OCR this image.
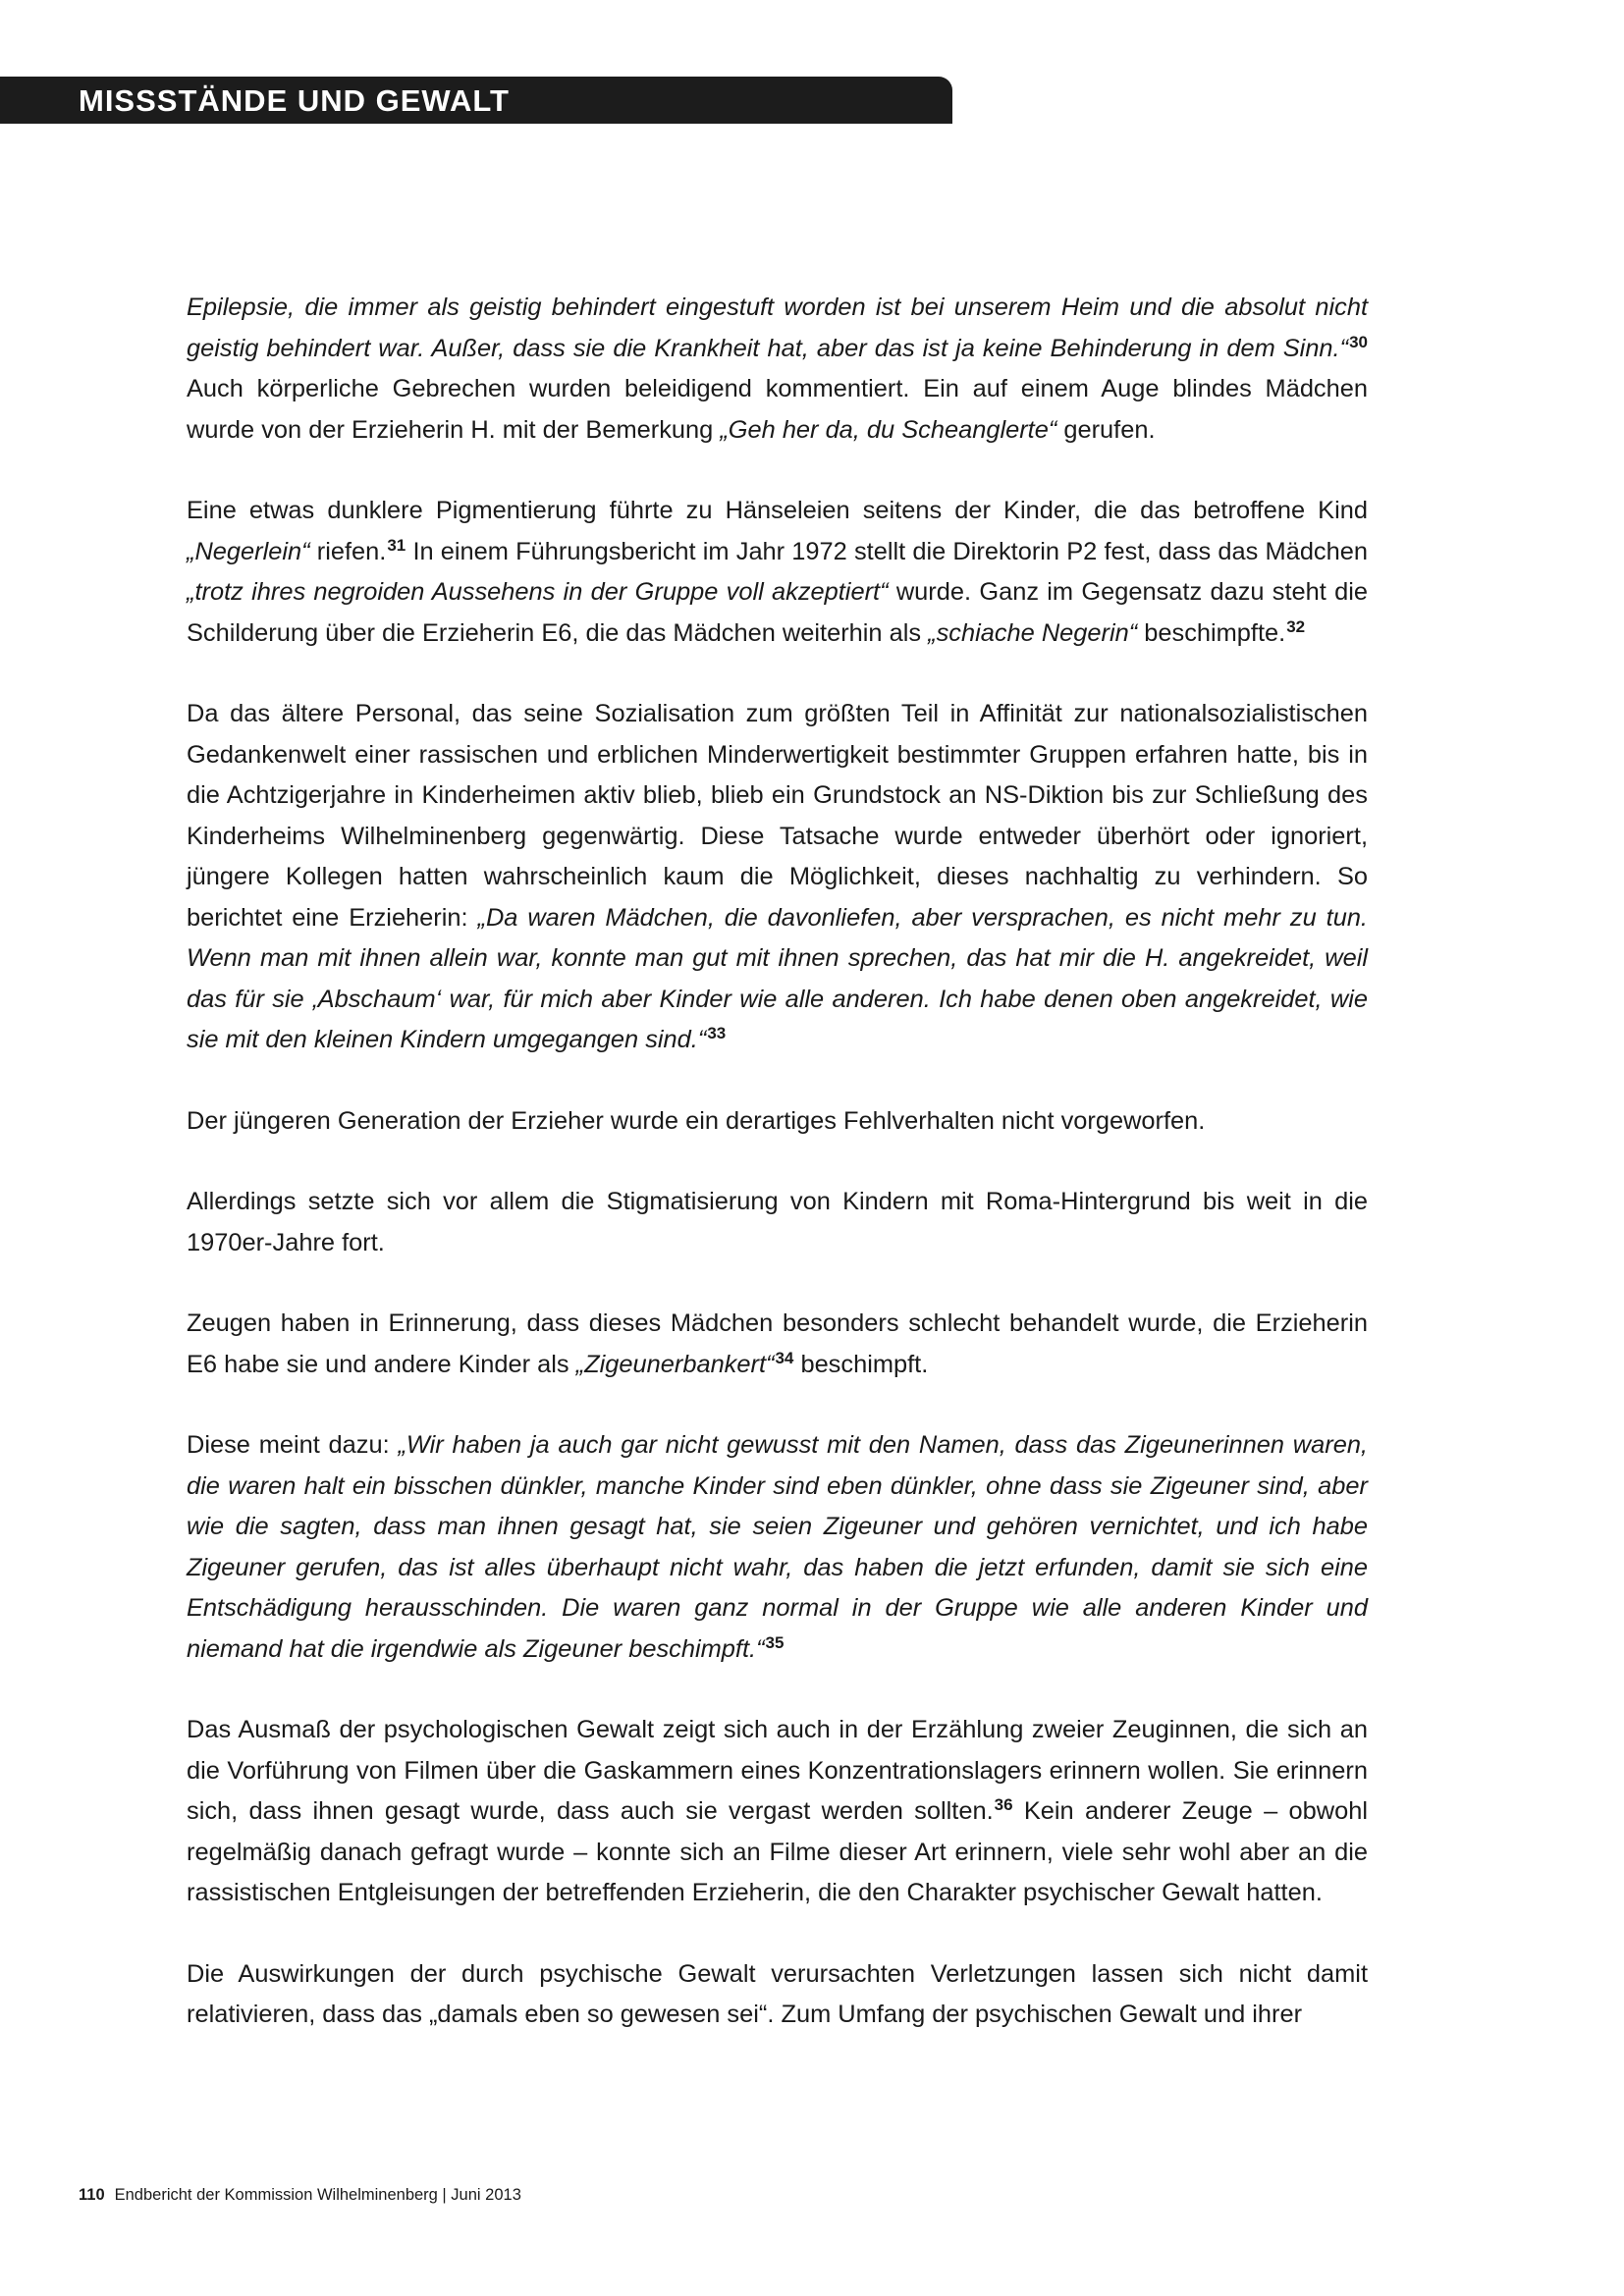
MISSSTÄNDE UND GEWALT

Epilepsie, die immer als geistig behindert eingestuft worden ist bei unserem Heim und die absolut nicht geistig behindert war. Außer, dass sie die Krankheit hat, aber das ist ja keine Behinderung in dem Sinn.“$^{30}$ Auch körperliche Gebrechen wurden beleidigend kommentiert. Ein auf einem Auge blindes Mädchen wurde von der Erzieherin H. mit der Bemerkung „Geh her da, du Scheanglerte“ gerufen.

Eine etwas dunklere Pigmentierung führte zu Hänseleien seitens der Kinder, die das betroffene Kind „Negerlein“ riefen.$^{31}$ In einem Führungsbericht im Jahr 1972 stellt die Direktorin P2 fest, dass das Mädchen „trotz ihres negroiden Aussehens in der Gruppe voll akzeptiert“ wurde. Ganz im Gegensatz dazu steht die Schilderung über die Erzieherin E6, die das Mädchen weiterhin als „schiache Negerin“ beschimpfte.$^{32}$

Da das ältere Personal, das seine Sozialisation zum größten Teil in Affinität zur nationalsozialistischen Gedankenwelt einer rassischen und erblichen Minderwertigkeit bestimmter Gruppen erfahren hatte, bis in die Achtzigerjahre in Kinderheimen aktiv blieb, blieb ein Grundstock an NS-Diktion bis zur Schließung des Kinderheims Wilhelminenberg gegenwärtig. Diese Tatsache wurde entweder überhört oder ignoriert, jüngere Kollegen hatten wahrscheinlich kaum die Möglichkeit, dieses nachhaltig zu verhindern. So berichtet eine Erzieherin: „Da waren Mädchen, die davonliefen, aber versprachen, es nicht mehr zu tun. Wenn man mit ihnen allein war, konnte man gut mit ihnen sprechen, das hat mir die H. angekreidet, weil das für sie ‚Abschaum‘ war, für mich aber Kinder wie alle anderen. Ich habe denen oben angekreidet, wie sie mit den kleinen Kindern umgegangen sind.“$^{33}$

Der jüngeren Generation der Erzieher wurde ein derartiges Fehlverhalten nicht vorgeworfen.

Allerdings setzte sich vor allem die Stigmatisierung von Kindern mit Roma-Hintergrund bis weit in die 1970er-Jahre fort.

Zeugen haben in Erinnerung, dass dieses Mädchen besonders schlecht behandelt wurde, die Erzieherin E6 habe sie und andere Kinder als „Zigeunerbankert“$^{34}$ beschimpft.

Diese meint dazu: „Wir haben ja auch gar nicht gewusst mit den Namen, dass das Zigeunerinnen waren, die waren halt ein bisschen dünkler, manche Kinder sind eben dünkler, ohne dass sie Zigeuner sind, aber wie die sagten, dass man ihnen gesagt hat, sie seien Zigeuner und gehören vernichtet, und ich habe Zigeuner gerufen, das ist alles überhaupt nicht wahr, das haben die jetzt erfunden, damit sie sich eine Entschädigung herausschinden. Die waren ganz normal in der Gruppe wie alle anderen Kinder und niemand hat die irgendwie als Zigeuner beschimpft.“$^{35}$

Das Ausmaß der psychologischen Gewalt zeigt sich auch in der Erzählung zweier Zeuginnen, die sich an die Vorführung von Filmen über die Gaskammern eines Konzentrationslagers erinnern wollen. Sie erinnern sich, dass ihnen gesagt wurde, dass auch sie vergast werden sollten.$^{36}$ Kein anderer Zeuge – obwohl regelmäßig danach gefragt wurde – konnte sich an Filme dieser Art erinnern, viele sehr wohl aber an die rassistischen Entgleisungen der betreffenden Erzieherin, die den Charakter psychischer Gewalt hatten.

Die Auswirkungen der durch psychische Gewalt verursachten Verletzungen lassen sich nicht damit relativieren, dass das „damals eben so gewesen sei“. Zum Umfang der psychischen Gewalt und ihrer

110 Endbericht der Kommission Wilhelminenberg | Juni 2013
